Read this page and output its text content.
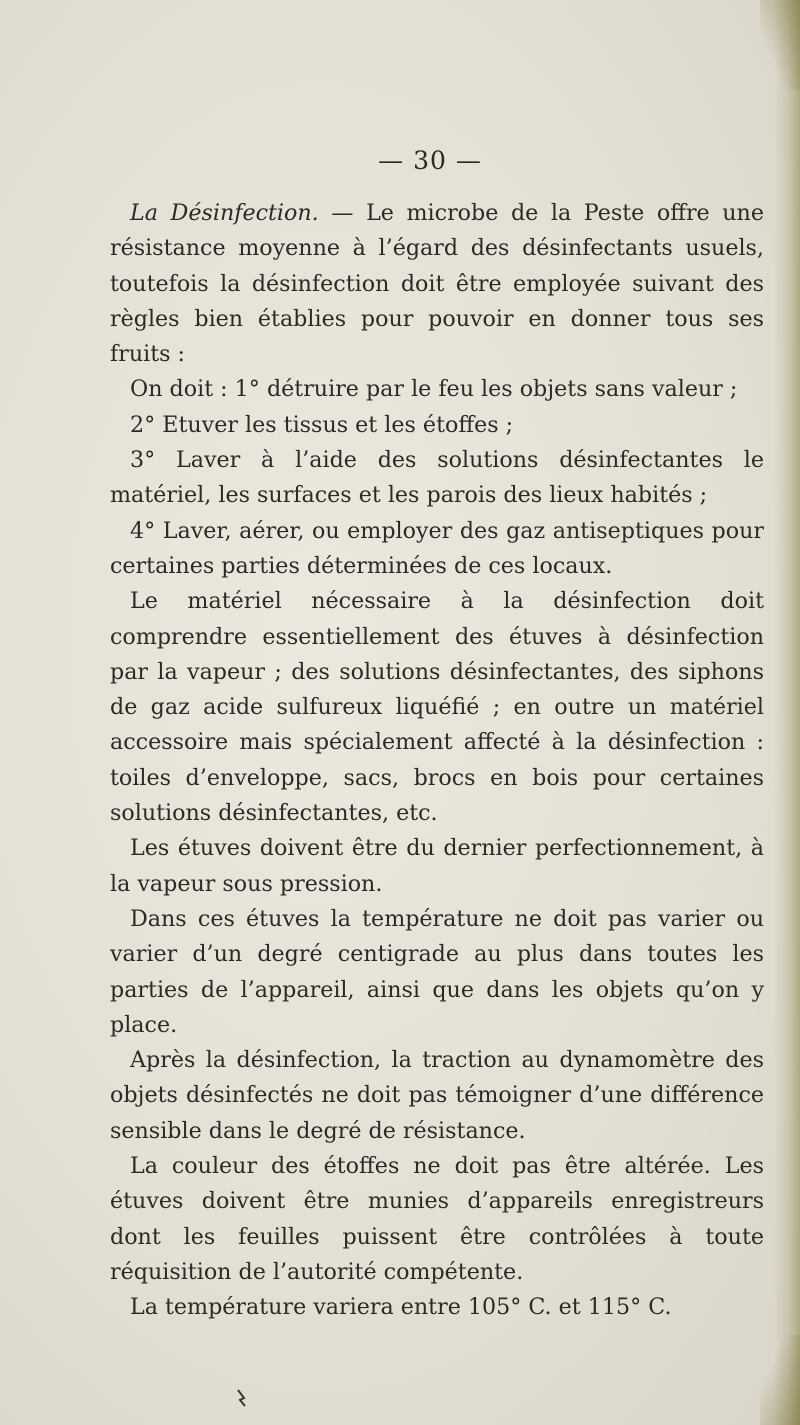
— 30 —

La Désinfection. — Le microbe de la Peste offre une résistance moyenne à l’égard des désinfectants usuels, toutefois la désinfection doit être employée suivant des règles bien établies pour pouvoir en donner tous ses fruits :

On doit : 1° détruire par le feu les objets sans valeur ;

2° Etuver les tissus et les étoffes ;

3° Laver à l’aide des solutions désinfectantes le matériel, les surfaces et les parois des lieux habités ;

4° Laver, aérer, ou employer des gaz antiseptiques pour certaines parties déterminées de ces locaux.

Le matériel nécessaire à la désinfection doit comprendre essentiellement des étuves à désinfection par la vapeur ; des solutions désinfectantes, des siphons de gaz acide sulfureux liquéfié ; en outre un matériel accessoire mais spécialement affecté à la désinfection : toiles d’enveloppe, sacs, brocs en bois pour certaines solutions désinfectantes, etc.

Les étuves doivent être du dernier perfectionnement, à la vapeur sous pression.

Dans ces étuves la température ne doit pas varier ou varier d’un degré centigrade au plus dans toutes les parties de l’appareil, ainsi que dans les objets qu’on y place.

Après la désinfection, la traction au dynamomètre des objets désinfectés ne doit pas témoigner d’une différence sensible dans le degré de résistance.

La couleur des étoffes ne doit pas être altérée. Les étuves doivent être munies d’appareils enregistreurs dont les feuilles puissent être contrôlées à toute réquisition de l’autorité compétente.

La température variera entre 105° C. et 115° C.
